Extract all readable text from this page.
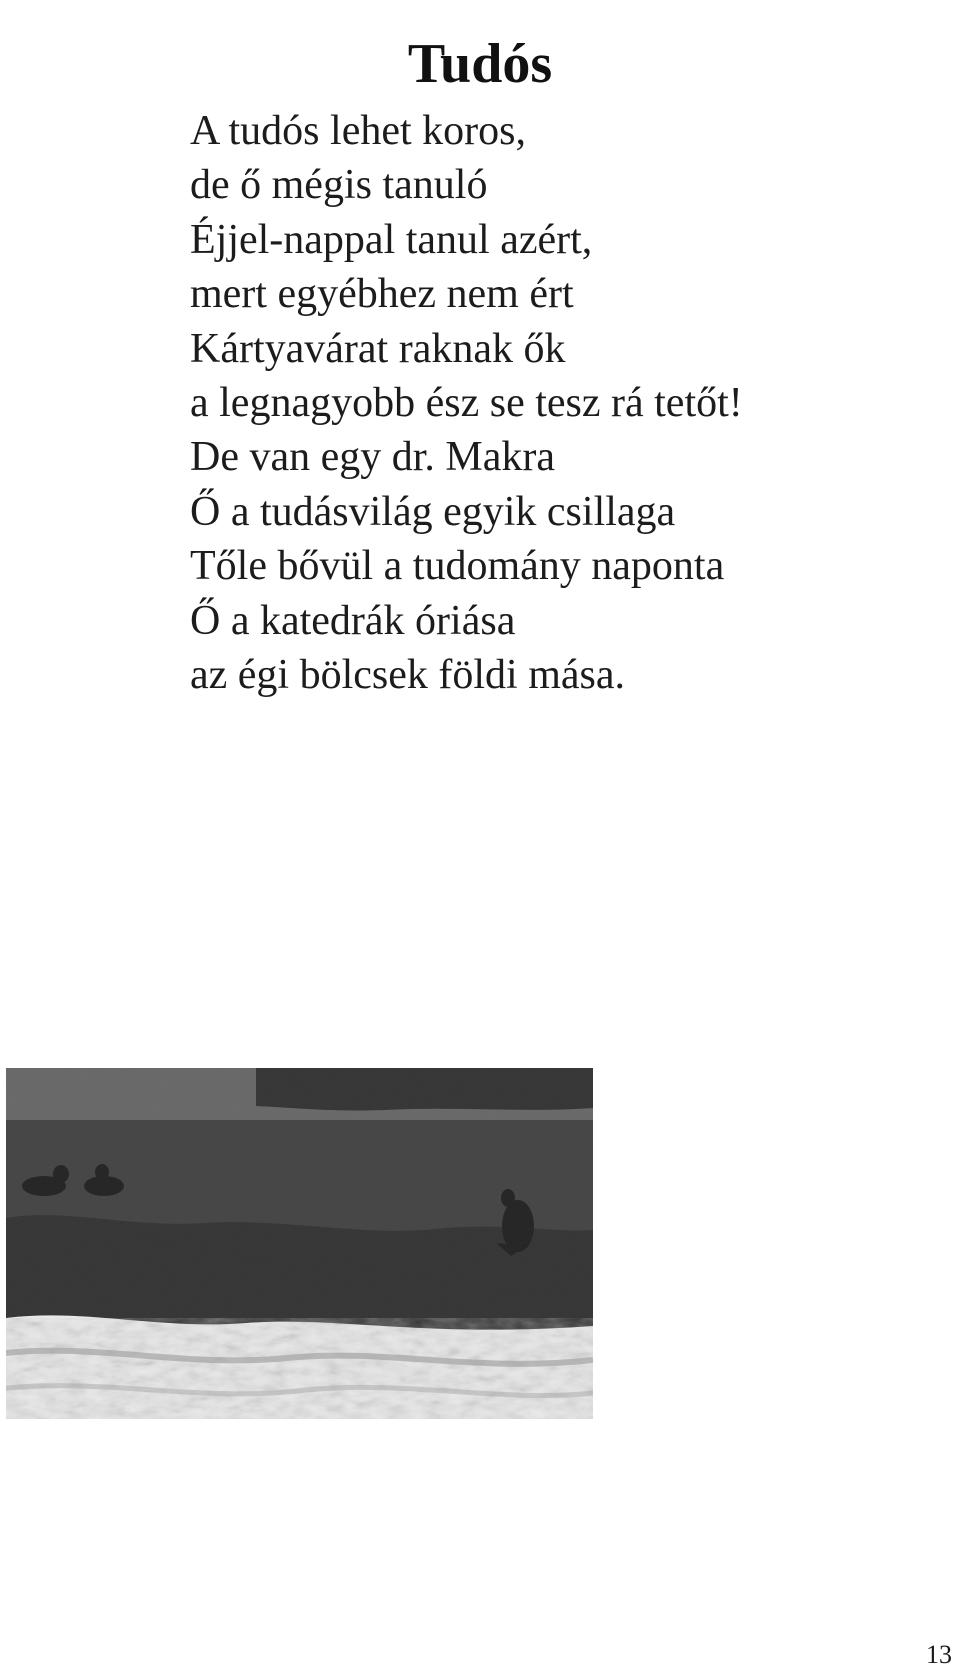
Tudós
A tudós lehet koros,
de ő mégis tanuló
Éjjel-nappal tanul azért,
mert egyébhez nem ért
Kártyavárat raknak ők
a legnagyobb ész se tesz rá tetőt!
De van egy dr. Makra
Ő a tudásvilág egyik csillaga
Tőle bővül a tudomány naponta
Ő a katedrák óriása
az égi bölcsek földi mása.
13
